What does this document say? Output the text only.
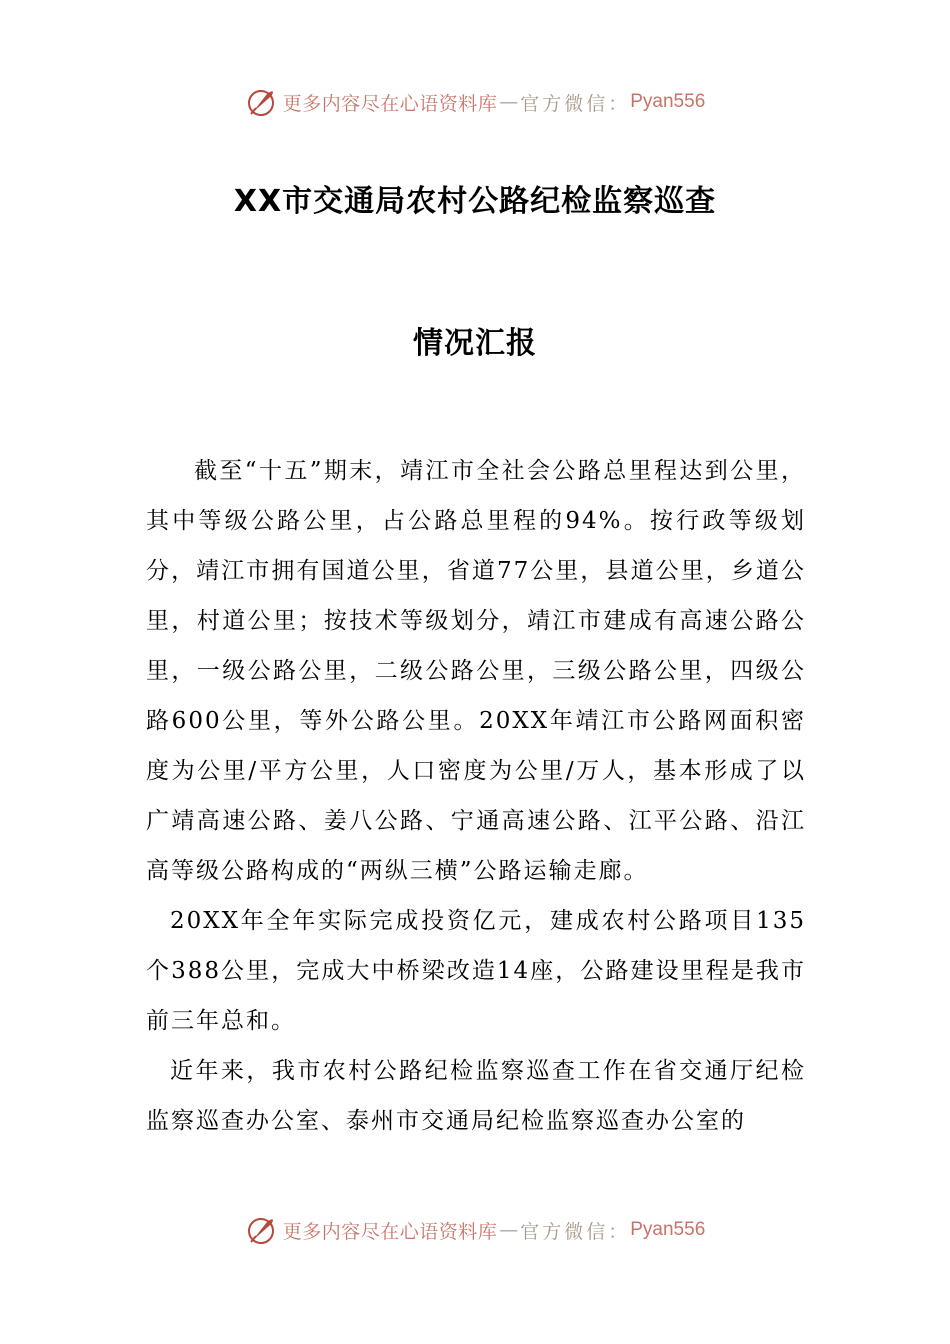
更多内容尽在心语资料库 — 官方微信： Pyan556
XX市交通局农村公路纪检监察巡查
情况汇报

截至“十五”期末，靖江市全社会公路总里程达到公里，其中等级公路公里，占公路总里程的94%。按行政等级划分，靖江市拥有国道公里，省道77公里，县道公里，乡道公里，村道公里；按技术等级划分，靖江市建成有高速公路公里，一级公路公里，二级公路公里，三级公路公里，四级公路600公里，等外公路公里。20XX年靖江市公路网面积密度为公里/平方公里，人口密度为公里/万人，基本形成了以广靖高速公路、姜八公路、宁通高速公路、江平公路、沿江高等级公路构成的“两纵三横”公路运输走廊。

20XX年全年实际完成投资亿元，建成农村公路项目135个388公里，完成大中桥梁改造14座，公路建设里程是我市前三年总和。

近年来，我市农村公路纪检监察巡查工作在省交通厅纪检监察巡查办公室、泰州市交通局纪检监察巡查办公室的

更多内容尽在心语资料库 — 官方微信： Pyan556
